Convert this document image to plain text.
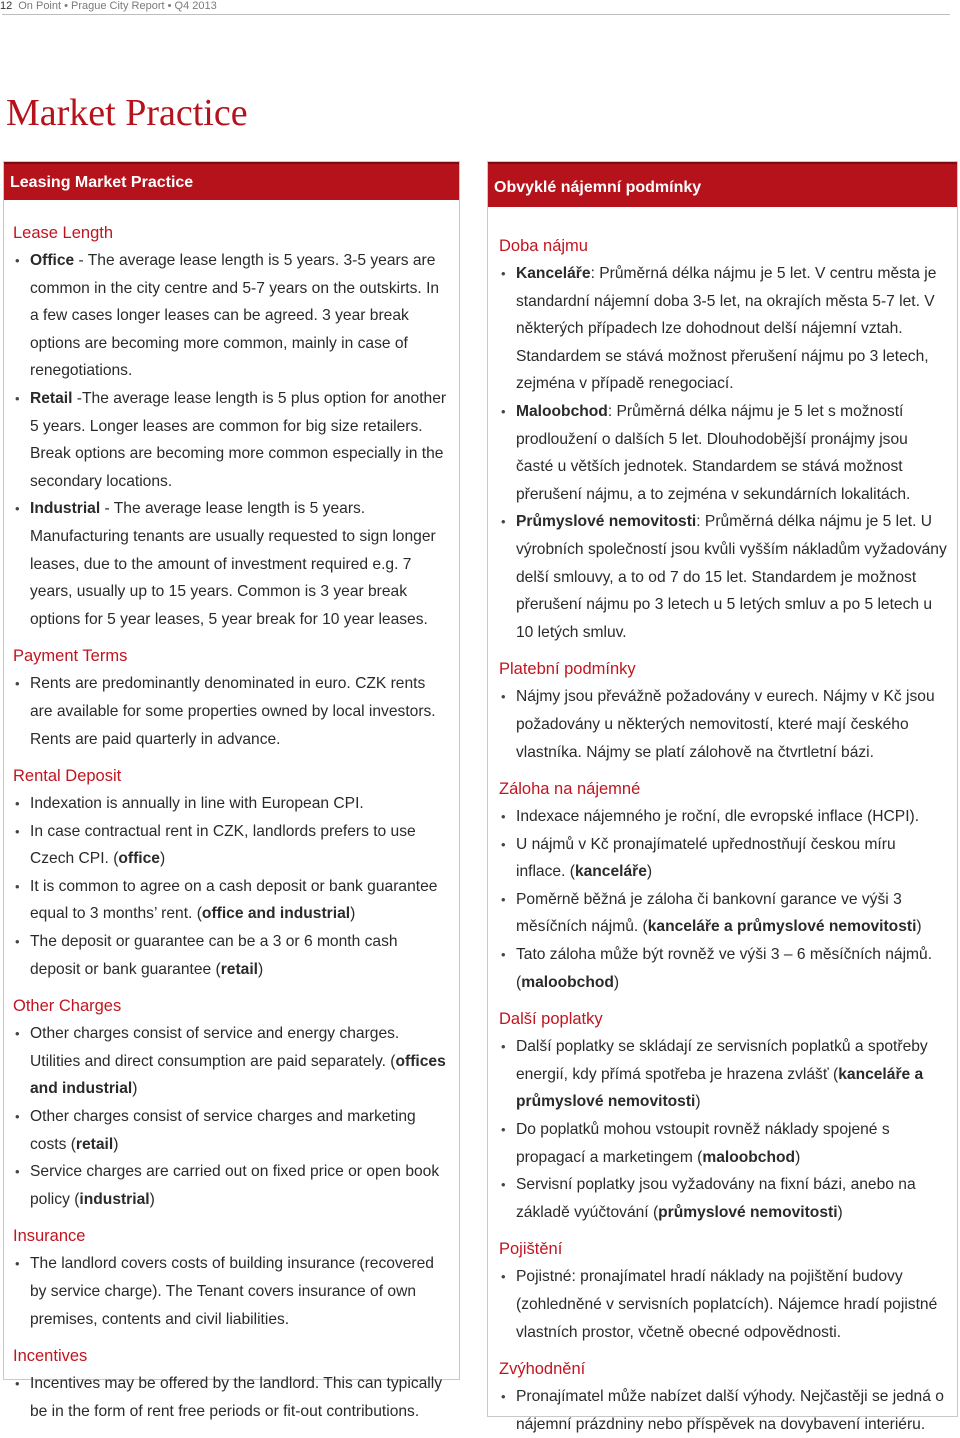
12 On Point • Prague City Report • Q4 2013
Market Practice
Leasing Market Practice
Lease Length
• Office - The average lease length is 5 years. 3-5 years are common in the city centre and 5-7 years on the outskirts. In a few cases longer leases can be agreed. 3 year break options are becoming more common, mainly in case of renegotiations.
• Retail -The average lease length is 5 plus option for another 5 years. Longer leases are common for big size retailers. Break options are becoming more common especially in the secondary locations.
• Industrial - The average lease length is 5 years. Manufacturing tenants are usually requested to sign longer leases, due to the amount of investment required e.g. 7 years, usually up to 15 years. Common is 3 year break options for 5 year leases, 5 year break for 10 year leases.
Payment Terms
• Rents are predominantly denominated in euro. CZK rents are available for some properties owned by local investors. Rents are paid quarterly in advance.
Rental Deposit
• Indexation is annually in line with European CPI.
• In case contractual rent in CZK, landlords prefers to use Czech CPI. (office)
• It is common to agree on a cash deposit or bank guarantee equal to 3 months’ rent. (office and industrial)
• The deposit or guarantee can be a 3 or 6 month cash deposit or bank guarantee (retail)
Other Charges
• Other charges consist of service and energy charges. Utilities and direct consumption are paid separately. (offices and industrial)
• Other charges consist of service charges and marketing costs (retail)
• Service charges are carried out on fixed price or open book policy (industrial)
Insurance
• The landlord covers costs of building insurance (recovered by service charge). The Tenant covers insurance of own premises, contents and civil liabilities.
Incentives
• Incentives may be offered by the landlord. This can typically be in the form of rent free periods or fit-out contributions.
Obvyklé nájemní podmínky
Doba nájmu
• Kanceláře: Průměrná délka nájmu je 5 let. V centru města je standardní nájemní doba 3-5 let, na okrajích města 5-7 let. V některých případech lze dohodnout delší nájemní vztah. Standardem se stává možnost přerušení nájmu po 3 letech, zejména v případě renegociací.
• Maloobchod: Průměrná délka nájmu je 5 let s možností prodloužení o dalších 5 let. Dlouhodobější pronájmy jsou časté u větších jednotek. Standardem se stává možnost přerušení nájmu, a to zejména v sekundárních lokalitách.
• Průmyslové nemovitosti: Průměrná délka nájmu je 5 let. U výrobních společností jsou kvůli vyšším nákladům vyžadovány delší smlouvy, a to od 7 do 15 let. Standardem je možnost přerušení nájmu po 3 letech u 5 letých smluv a po 5 letech u 10 letých smluv.
Platební podmínky
• Nájmy jsou převážně požadovány v eurech. Nájmy v Kč jsou požadovány u některých nemovitostí, které mají českého vlastníka. Nájmy se platí zálohově na čtvrtletní bázi.
Záloha na nájemné
• Indexace nájemného je roční, dle evropské inflace (HCPI).
• U nájmů v Kč pronajímatelé upřednostňují českou míru inflace. (kanceláře)
• Poměrně běžná je záloha či bankovní garance ve výši 3 měsíčních nájmů. (kanceláře a průmyslové nemovitosti)
• Tato záloha může být rovněž ve výši 3 – 6 měsíčních nájmů. (maloobchod)
Další poplatky
• Další poplatky se skládají ze servisních poplatků a spotřeby energií, kdy přímá spotřeba je hrazena zvlášť (kanceláře a průmyslové nemovitosti)
• Do poplatků mohou vstoupit rovněž náklady spojené s propagací a marketingem (maloobchod)
• Servisní poplatky jsou vyžadovány na fixní bázi, anebo na základě vyúčtování (průmyslové nemovitosti)
Pojištění
• Pojistné: pronajímatel hradí náklady na pojištění budovy (zohledněné v servisních poplatcích). Nájemce hradí pojistné vlastních prostor, včetně obecné odpovědnosti.
Zvýhodnění
• Pronajímatel může nabízet další výhody. Nejčastěji se jedná o nájemní prázdniny nebo příspěvek na dovybavení interiéru.
